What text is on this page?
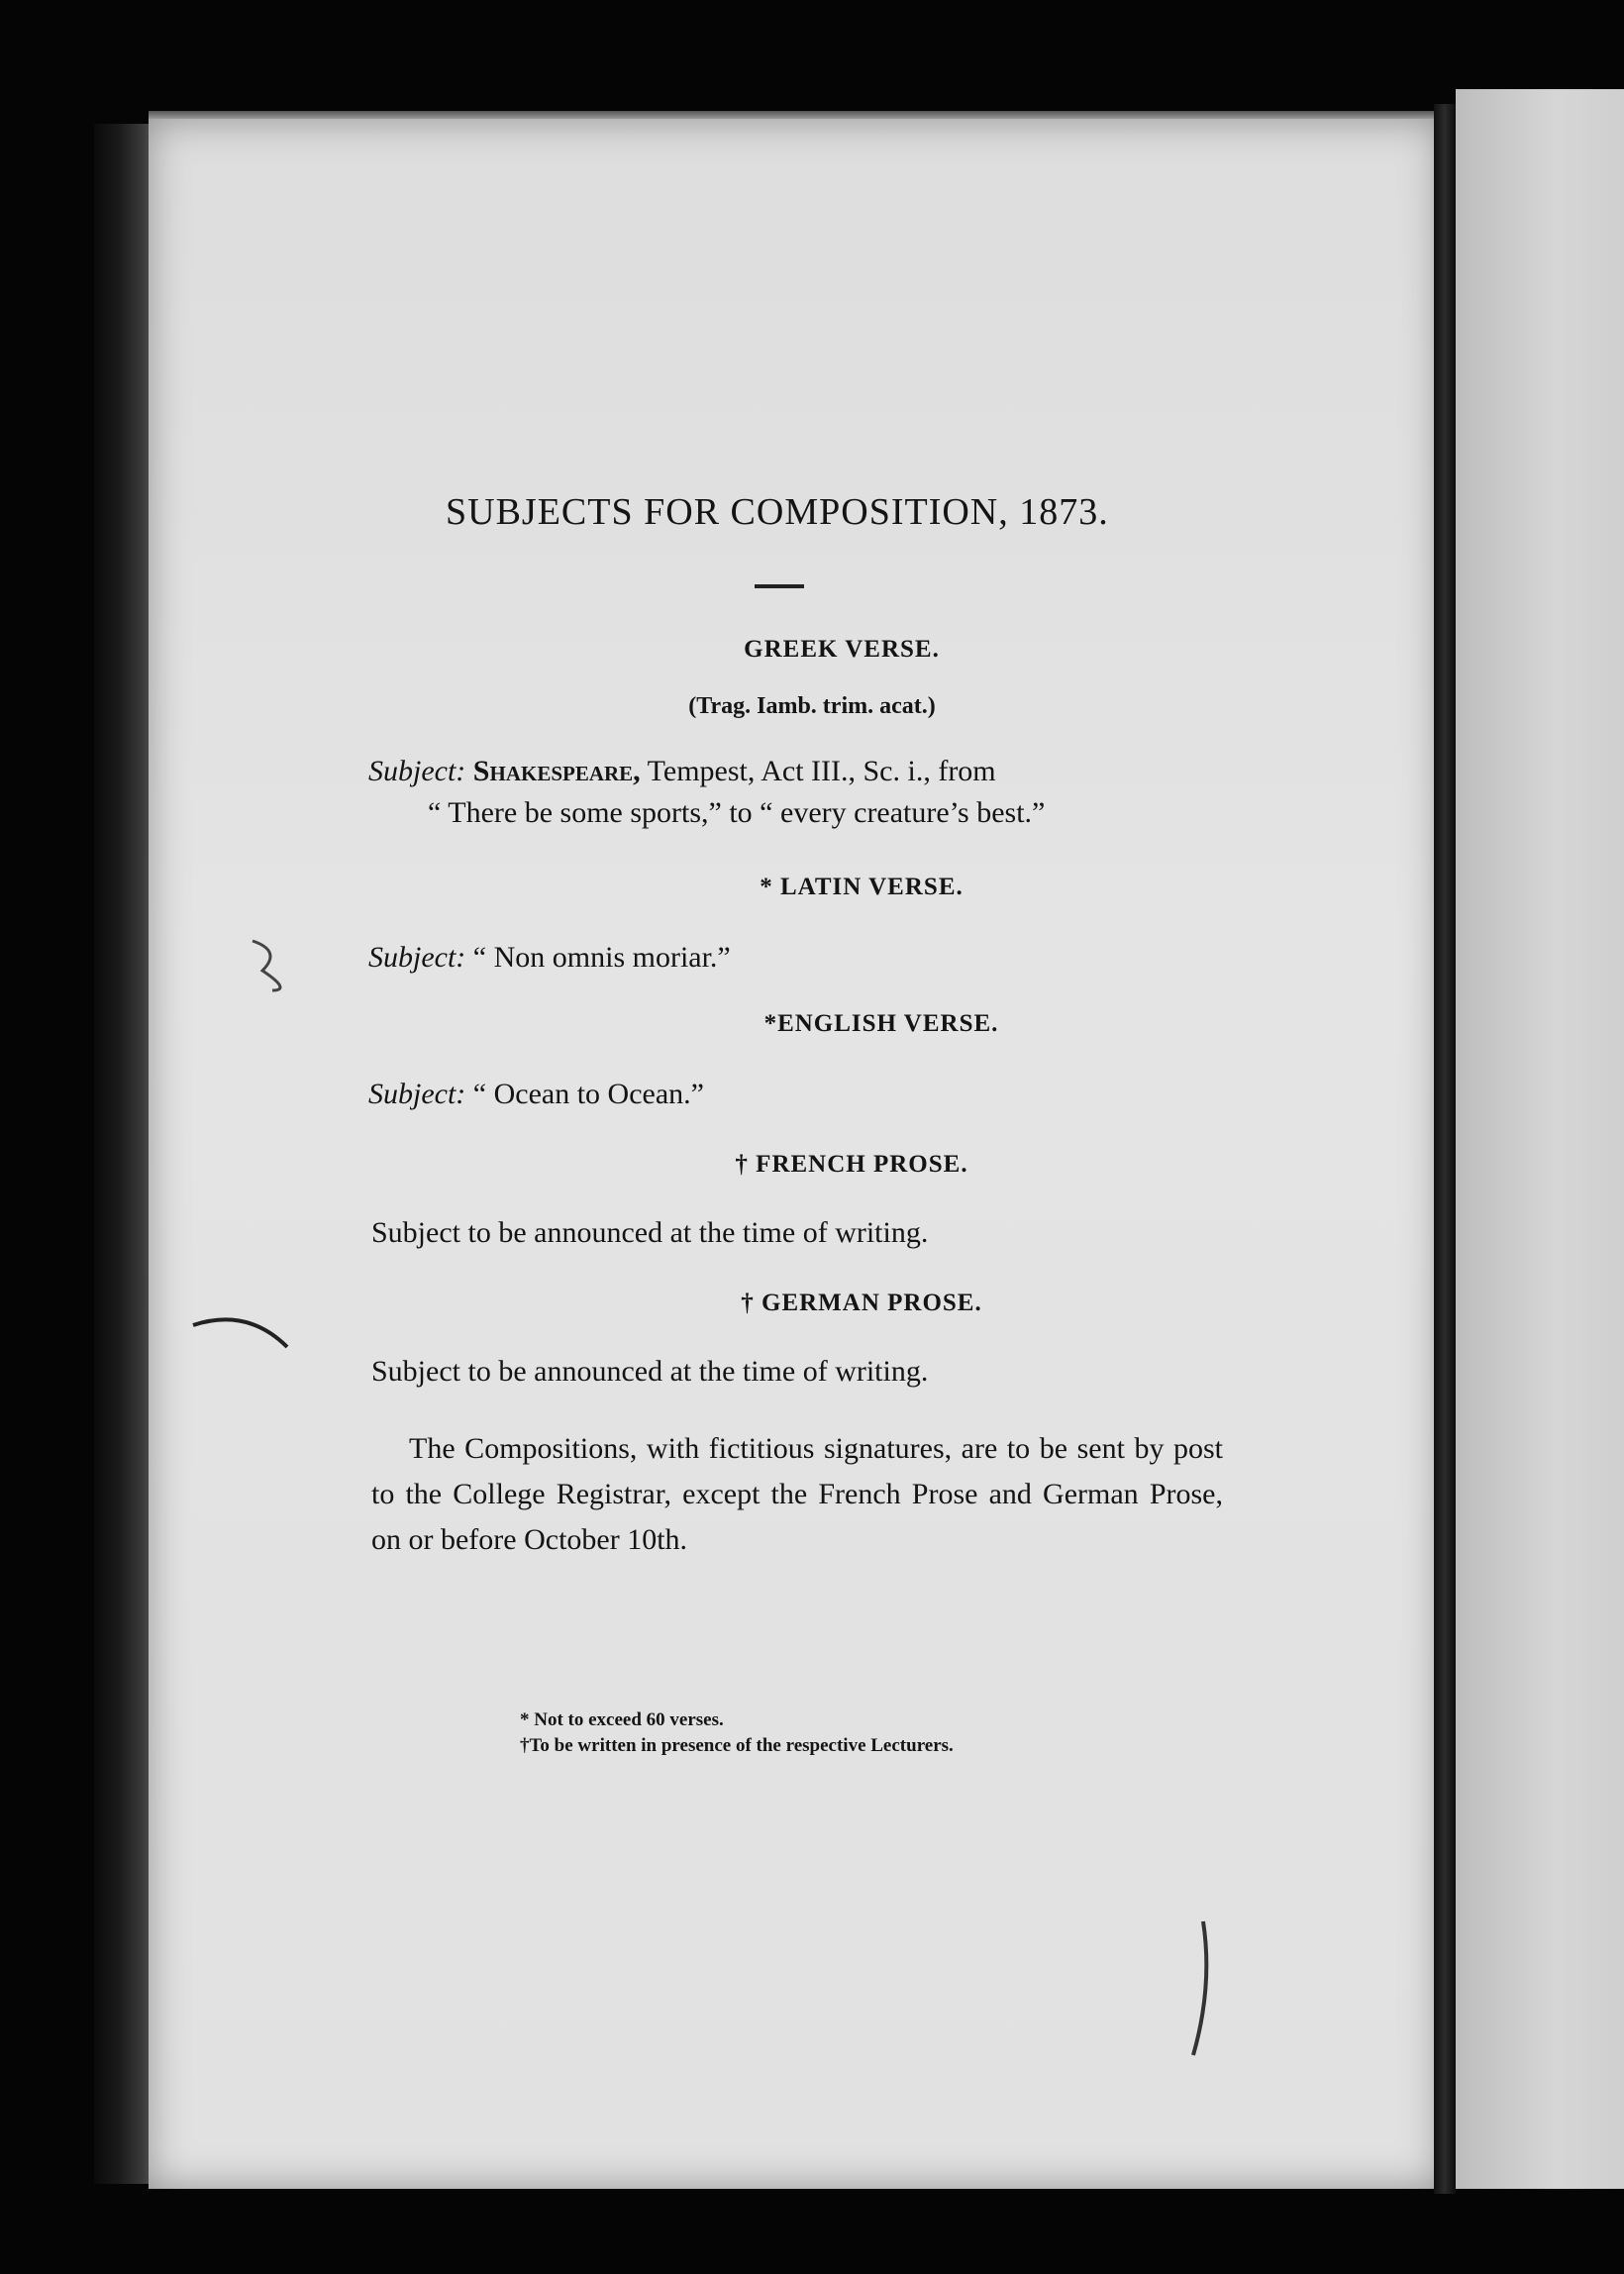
SUBJECTS FOR COMPOSITION, 1873.
GREEK VERSE.
(Trag. Iamb. trim. acat.)
Subject: Shakespeare, Tempest, Act III., Sc. i., from
“ There be some sports,” to “ every creature’s best.”
* LATIN VERSE.
Subject: “ Non omnis moriar.”
*ENGLISH VERSE.
Subject: “ Ocean to Ocean.”
† FRENCH PROSE.
Subject to be announced at the time of writing.
† GERMAN PROSE.
Subject to be announced at the time of writing.
The Compositions, with fictitious signatures, are to be sent by post to the College Registrar, except the French Prose and German Prose, on or before October 10th.
* Not to exceed 60 verses.
†To be written in presence of the respective Lecturers.
